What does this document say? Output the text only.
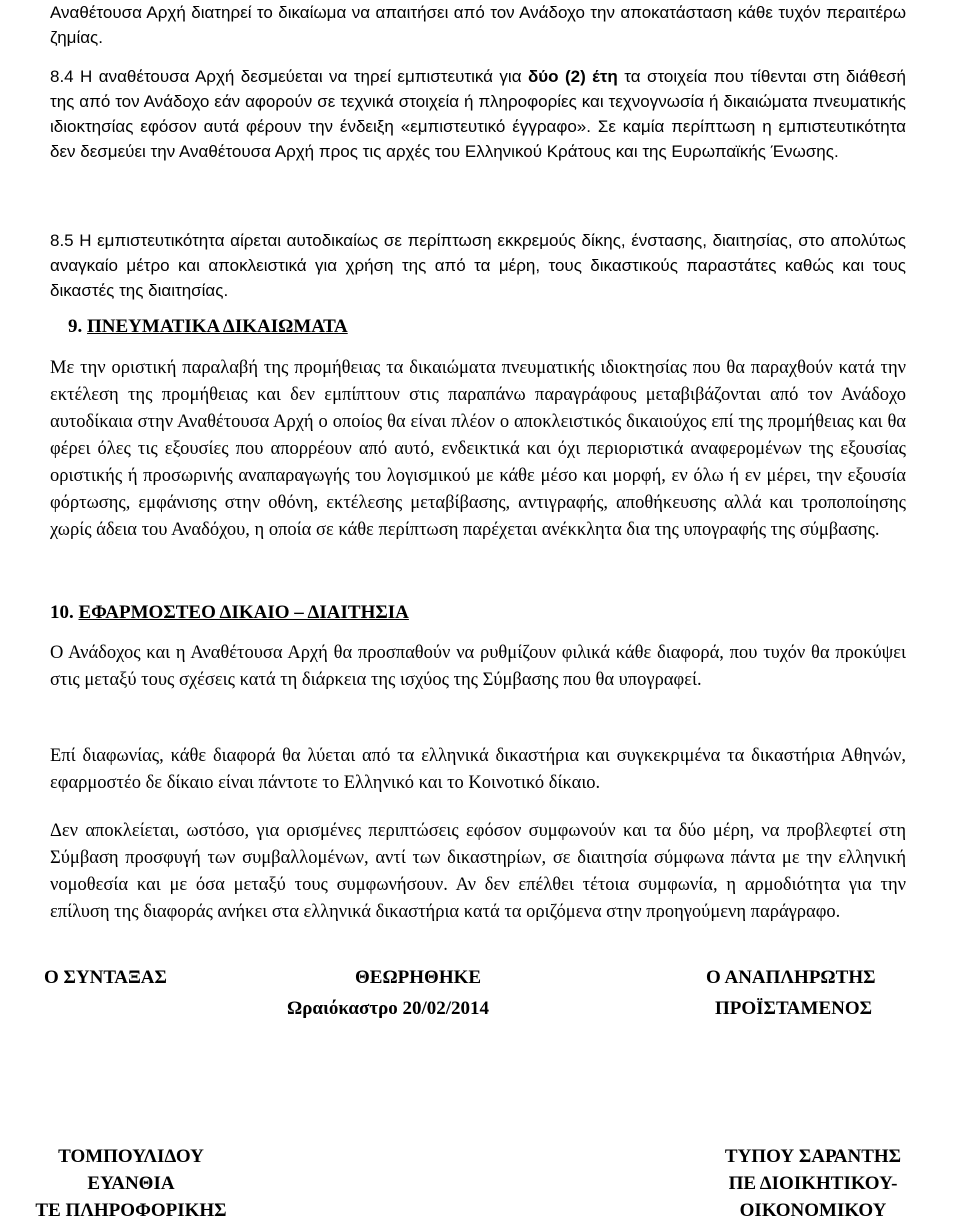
Αναθέτουσα Αρχή διατηρεί το δικαίωμα να απαιτήσει από τον Ανάδοχο την αποκατάσταση κάθε τυχόν περαιτέρω ζημίας.

8.4 Η αναθέτουσα Αρχή δεσμεύεται να τηρεί εμπιστευτικά για δύο (2) έτη τα στοιχεία που τίθενται στη διάθεσή της από τον Ανάδοχο εάν αφορούν σε τεχνικά στοιχεία ή πληροφορίες και τεχνογνωσία ή δικαιώματα πνευματικής ιδιοκτησίας εφόσον αυτά φέρουν την ένδειξη «εμπιστευτικό έγγραφο». Σε καμία περίπτωση η εμπιστευτικότητα δεν δεσμεύει την Αναθέτουσα Αρχή προς τις αρχές του Ελληνικού Κράτους και της Ευρωπαϊκής Ένωσης.

8.5 Η εμπιστευτικότητα αίρεται αυτοδικαίως σε περίπτωση εκκρεμούς δίκης, ένστασης, διαιτησίας, στο απολύτως αναγκαίο μέτρο και αποκλειστικά για χρήση της από τα μέρη, τους δικαστικούς παραστάτες καθώς και τους δικαστές της διαιτησίας.

9. ΠΝΕΥΜΑΤΙΚΑ ΔΙΚΑΙΩΜΑΤΑ

Με την οριστική παραλαβή της προμήθειας τα δικαιώματα πνευματικής ιδιοκτησίας που θα παραχθούν κατά την εκτέλεση της προμήθειας και δεν εμπίπτουν στις παραπάνω παραγράφους μεταβιβάζονται από τον Ανάδοχο αυτοδίκαια στην Αναθέτουσα Αρχή ο οποίος θα είναι πλέον ο αποκλειστικός δικαιούχος επί της προμήθειας και θα φέρει όλες τις εξουσίες που απορρέουν από αυτό, ενδεικτικά και όχι περιοριστικά αναφερομένων της εξουσίας οριστικής ή προσωρινής αναπαραγωγής του λογισμικού με κάθε μέσο και μορφή, εν όλω ή εν μέρει, την εξουσία φόρτωσης, εμφάνισης στην οθόνη, εκτέλεσης μεταβίβασης, αντιγραφής, αποθήκευσης αλλά και τροποποίησης χωρίς άδεια του Αναδόχου, η οποία σε κάθε περίπτωση παρέχεται ανέκκλητα δια της υπογραφής της σύμβασης.

10. ΕΦΑΡΜΟΣΤΕΟ ΔΙΚΑΙΟ – ΔΙΑΙΤΗΣΙΑ

Ο Ανάδοχος και η Αναθέτουσα Αρχή θα προσπαθούν να ρυθμίζουν φιλικά κάθε διαφορά, που τυχόν θα προκύψει στις μεταξύ τους σχέσεις κατά τη διάρκεια της ισχύος της Σύμβασης που θα υπογραφεί.

Επί διαφωνίας, κάθε διαφορά θα λύεται από τα ελληνικά δικαστήρια και συγκεκριμένα τα δικαστήρια Αθηνών, εφαρμοστέο δε δίκαιο είναι πάντοτε το Ελληνικό και το Κοινοτικό δίκαιο.

Δεν αποκλείεται, ωστόσο, για ορισμένες περιπτώσεις εφόσον συμφωνούν και τα δύο μέρη, να προβλεφτεί στη Σύμβαση προσφυγή των συμβαλλομένων, αντί των δικαστηρίων, σε διαιτησία σύμφωνα πάντα με την ελληνική νομοθεσία και με όσα μεταξύ τους συμφωνήσουν. Αν δεν επέλθει τέτοια συμφωνία, η αρμοδιότητα για την επίλυση της διαφοράς ανήκει στα ελληνικά δικαστήρια κατά τα οριζόμενα στην προηγούμενη παράγραφο.

Ο ΣΥΝΤΑΞΑΣ	ΘΕΩΡΗΘΗΚΕ
Ωραιόκαστρο 20/02/2014
Ο ΑΝΑΠΛΗΡΩΤΗΣ
ΠΡΟΪΣΤΑΜΕΝΟΣ
ΤΟΜΠΟΥΛΙΔΟΥ
ΕΥΑΝΘΙΑ
ΤΕ ΠΛΗΡΟΦΟΡΙΚΗΣ
ΤΥΠΟΥ ΣΑΡΑΝΤΗΣ
ΠΕ ΔΙΟΙΚΗΤΙΚΟΥ-
ΟΙΚΟΝΟΜΙΚΟΥ
